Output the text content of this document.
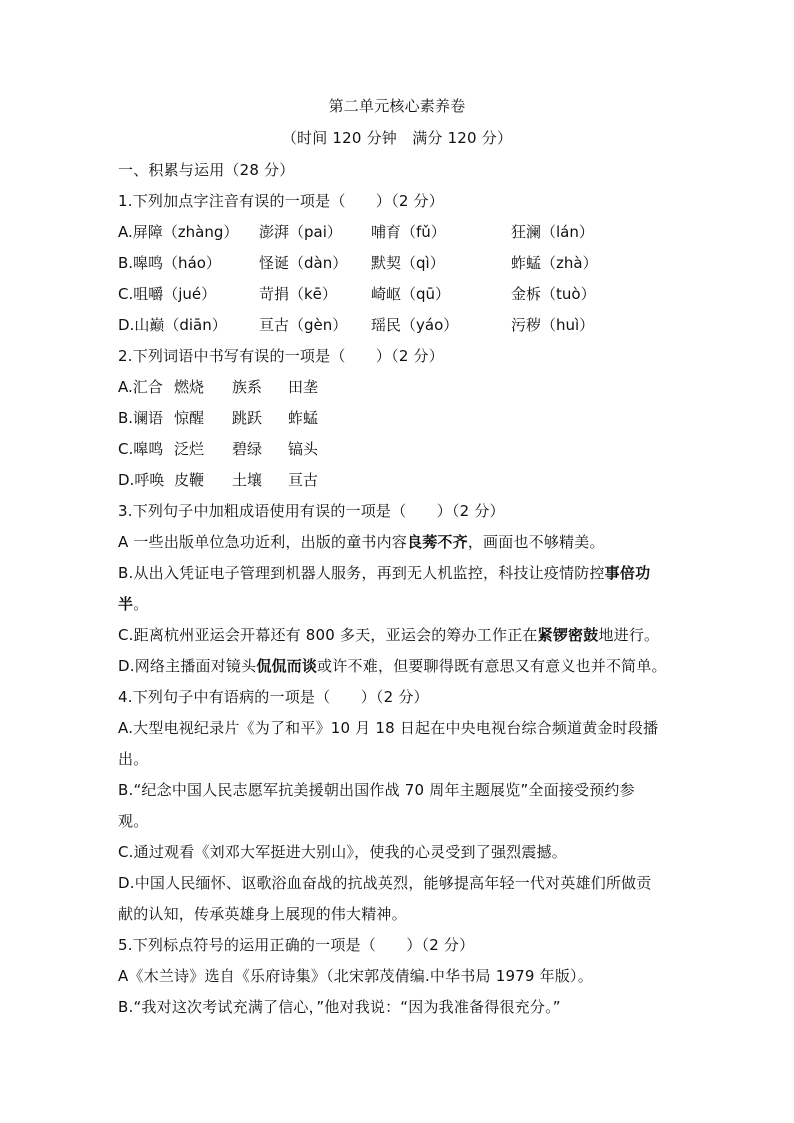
第二单元核心素养卷
（时间 120 分钟　满分 120 分）
一、积累与运用（28 分）
1.下列加点字注音有误的一项是（　　）（2 分）
A.屏障（zhàng） 澎湃（pai） 哺育（fǔ）	狂澜（lán）
B.嗥鸣（háo）	怪诞（dàn） 默契（qì）	蚱蜢（zhà）
C.咀嚼（jué）	苛捐（kē） 崎岖（qū）	金柝（tuò）
D.山巅（diān） 亘古（gèn） 瑶民（yáo）	污秽（huì）
2.下列词语中书写有误的一项是（　　）（2 分）
A.汇合 燃烧 族系 田垄
B.谰语 惊醒 跳跃 蚱蜢
C.嗥鸣 泛烂 碧绿 镐头
D.呼唤 皮鞭 土壤 亘古
3.下列句子中加粗成语使用有误的一项是（　　）（2 分）
A 一些出版单位急功近利，出版的童书内容良莠不齐，画面也不够精美。
B.从出入凭证电子管理到机器人服务，再到无人机监控，科技让疫情防控事倍功
半。
C.距离杭州亚运会开幕还有 800 多天，亚运会的筹办工作正在紧锣密鼓地进行。
D.网络主播面对镜头侃侃而谈或许不难，但要聊得既有意思又有意义也并不简单。
4.下列句子中有语病的一项是（　　）（2 分）
A.大型电视纪录片《为了和平》10 月 18 日起在中央电视台综合频道黄金时段播
出。
B.“纪念中国人民志愿军抗美援朝出国作战 70 周年主题展览”全面接受预约参
观。
C.通过观看《刘邓大军挺进大别山》，使我的心灵受到了强烈震撼。
D.中国人民缅怀、讴歌浴血奋战的抗战英烈，能够提高年轻一代对英雄们所做贡
献的认知，传承英雄身上展现的伟大精神。
5.下列标点符号的运用正确的一项是（　　）（2 分）
A《木兰诗》选自《乐府诗集》（北宋郭茂倩编.中华书局 1979 年版）。
B.“我对这次考试充满了信心，”他对我说：“因为我准备得很充分。”
